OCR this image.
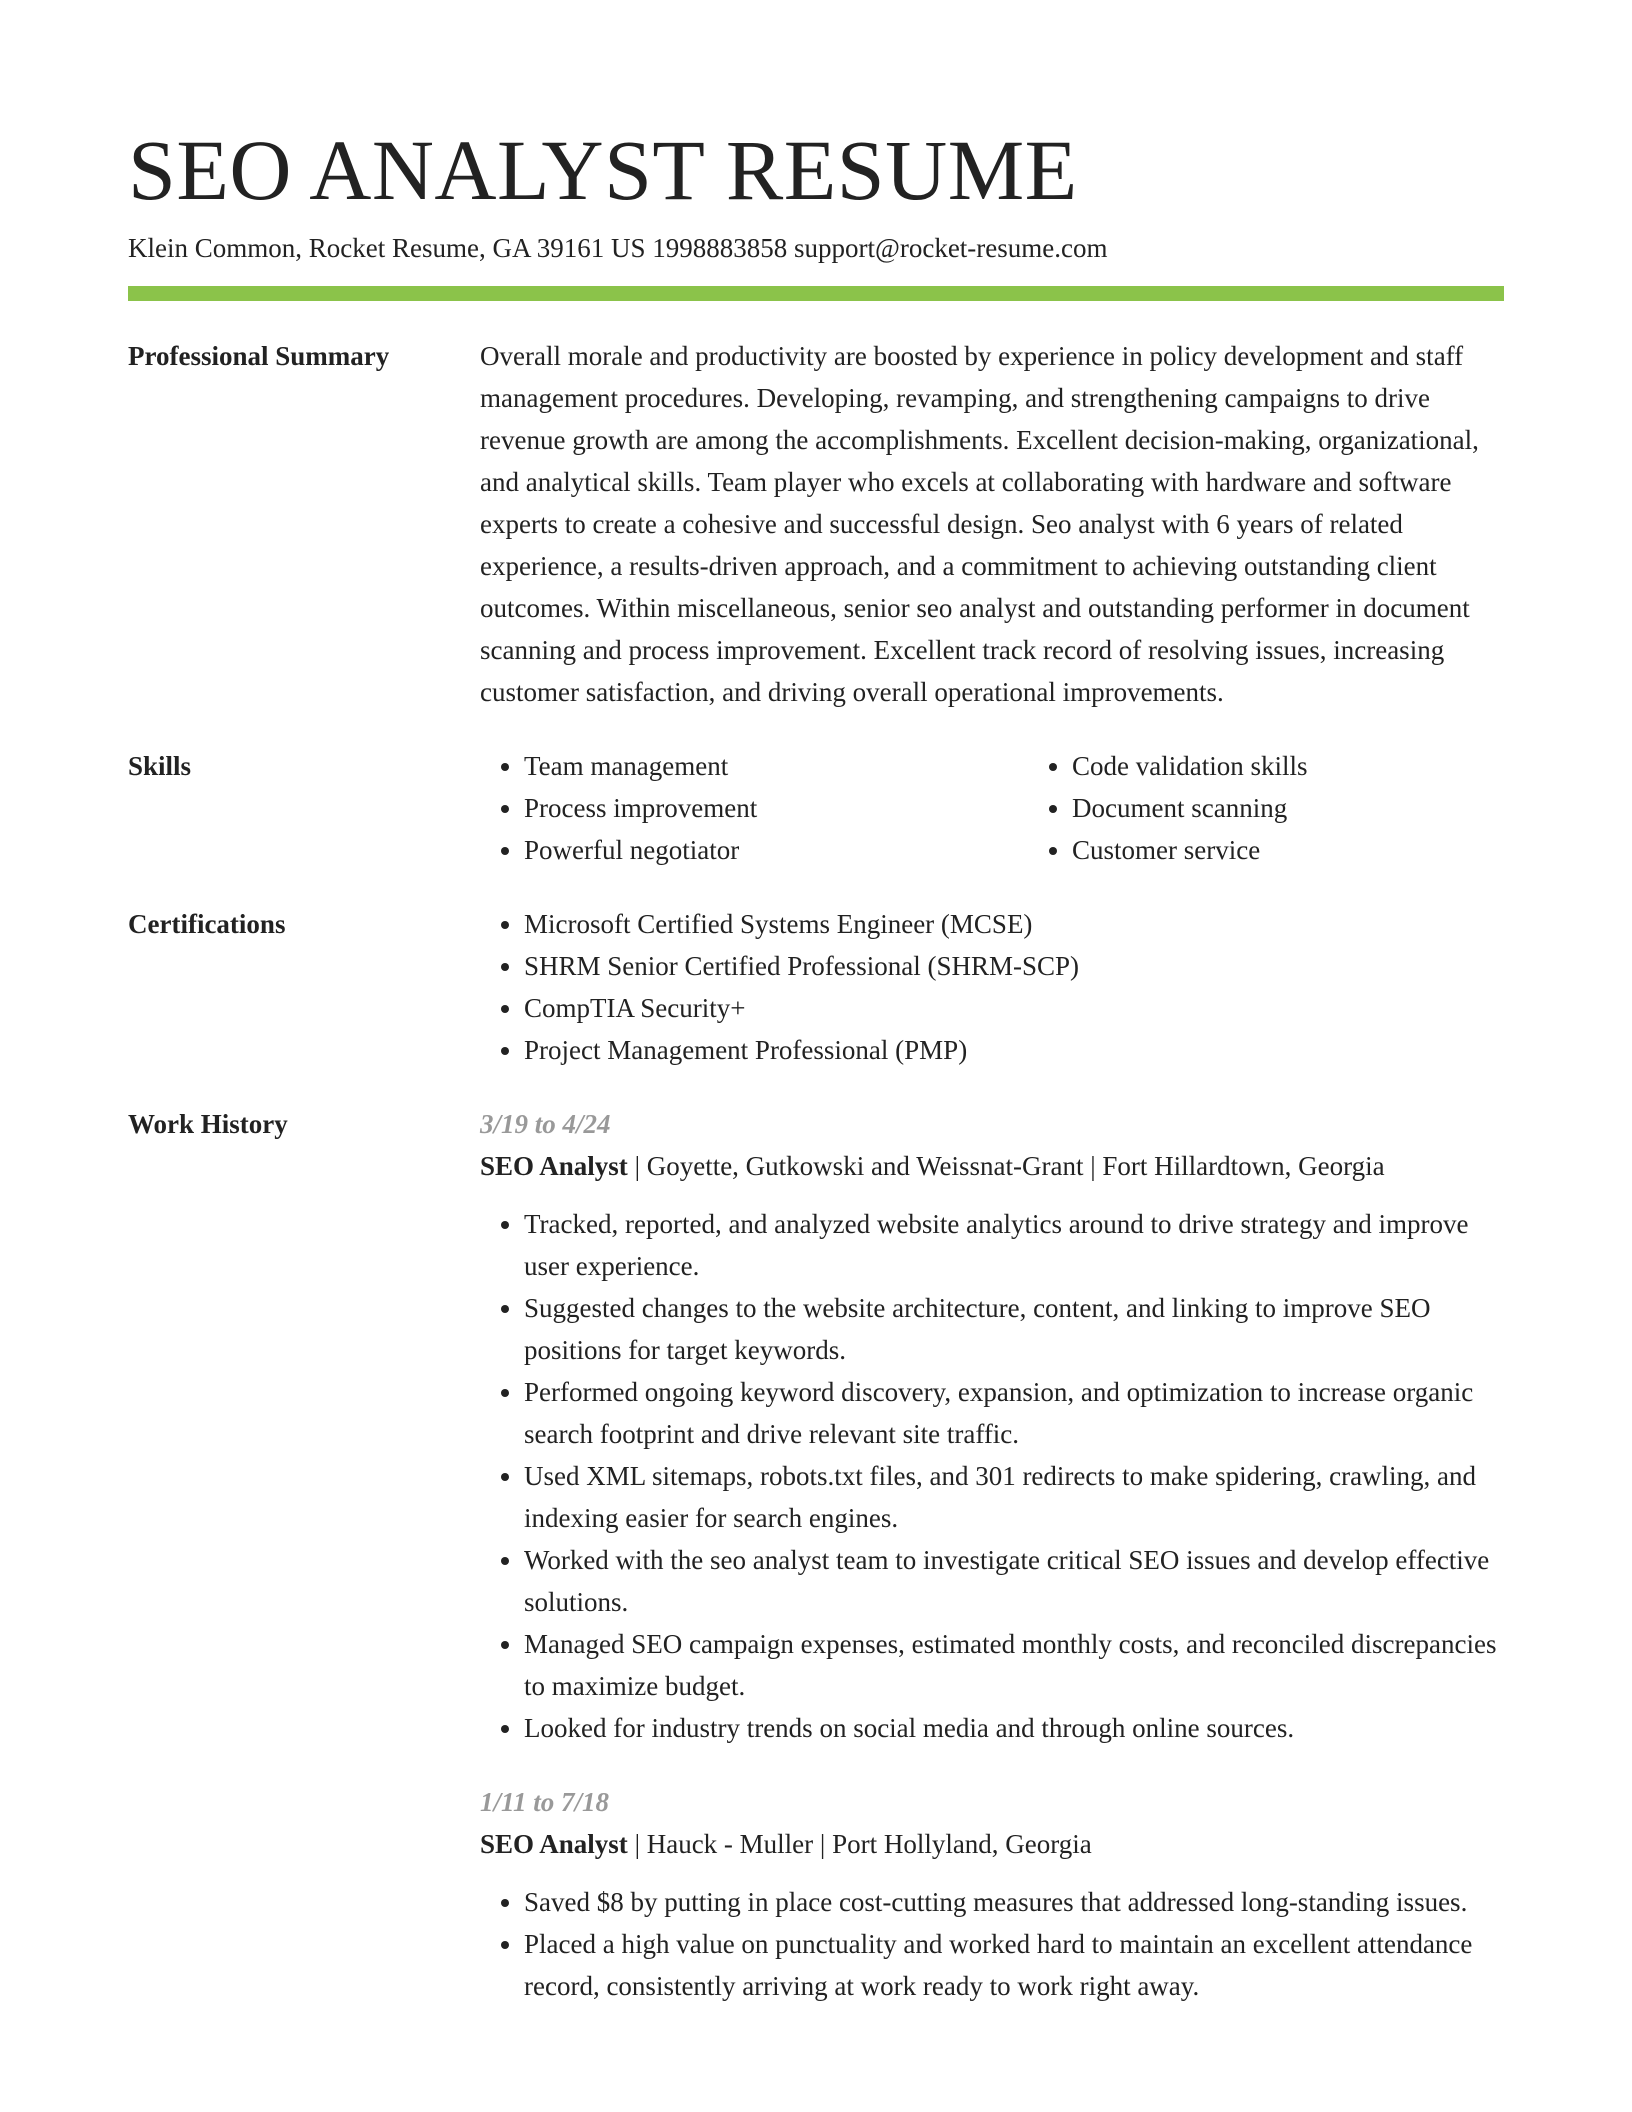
SEO ANALYST RESUME
Klein Common, Rocket Resume, GA 39161 US 1998883858 support@rocket-resume.com
Professional Summary	Overall morale and productivity are boosted by experience in policy development and staff management procedures. Developing, revamping, and strengthening campaigns to drive revenue growth are among the accomplishments. Excellent decision-making, organizational, and analytical skills. Team player who excels at collaborating with hardware and software experts to create a cohesive and successful design. Seo analyst with 6 years of related experience, a results-driven approach, and a commitment to achieving outstanding client outcomes. Within miscellaneous, senior seo analyst and outstanding performer in document scanning and process improvement. Excellent track record of resolving issues, increasing customer satisfaction, and driving overall operational improvements.

Skills	• Team management
• Process improvement
• Powerful negotiator
• Code validation skills
• Document scanning
• Customer service
Certifications	• Microsoft Certified Systems Engineer (MCSE)
• SHRM Senior Certified Professional (SHRM-SCP)
• CompTIA Security+
• Project Management Professional (PMP)
Work History	3/19 to 4/24
SEO Analyst | Goyette, Gutkowski and Weissnat-Grant | Fort Hillardtown, Georgia
• Tracked, reported, and analyzed website analytics around to drive strategy and improve user experience.
• Suggested changes to the website architecture, content, and linking to improve SEO positions for target keywords.
• Performed ongoing keyword discovery, expansion, and optimization to increase organic search footprint and drive relevant site traffic.
• Used XML sitemaps, robots.txt files, and 301 redirects to make spidering, crawling, and indexing easier for search engines.
• Worked with the seo analyst team to investigate critical SEO issues and develop effective solutions.
• Managed SEO campaign expenses, estimated monthly costs, and reconciled discrepancies to maximize budget.
• Looked for industry trends on social media and through online sources.
1/11 to 7/18
SEO Analyst | Hauck - Muller | Port Hollyland, Georgia
• Saved $8 by putting in place cost-cutting measures that addressed long-standing issues.
• Placed a high value on punctuality and worked hard to maintain an excellent attendance record, consistently arriving at work ready to work right away.
